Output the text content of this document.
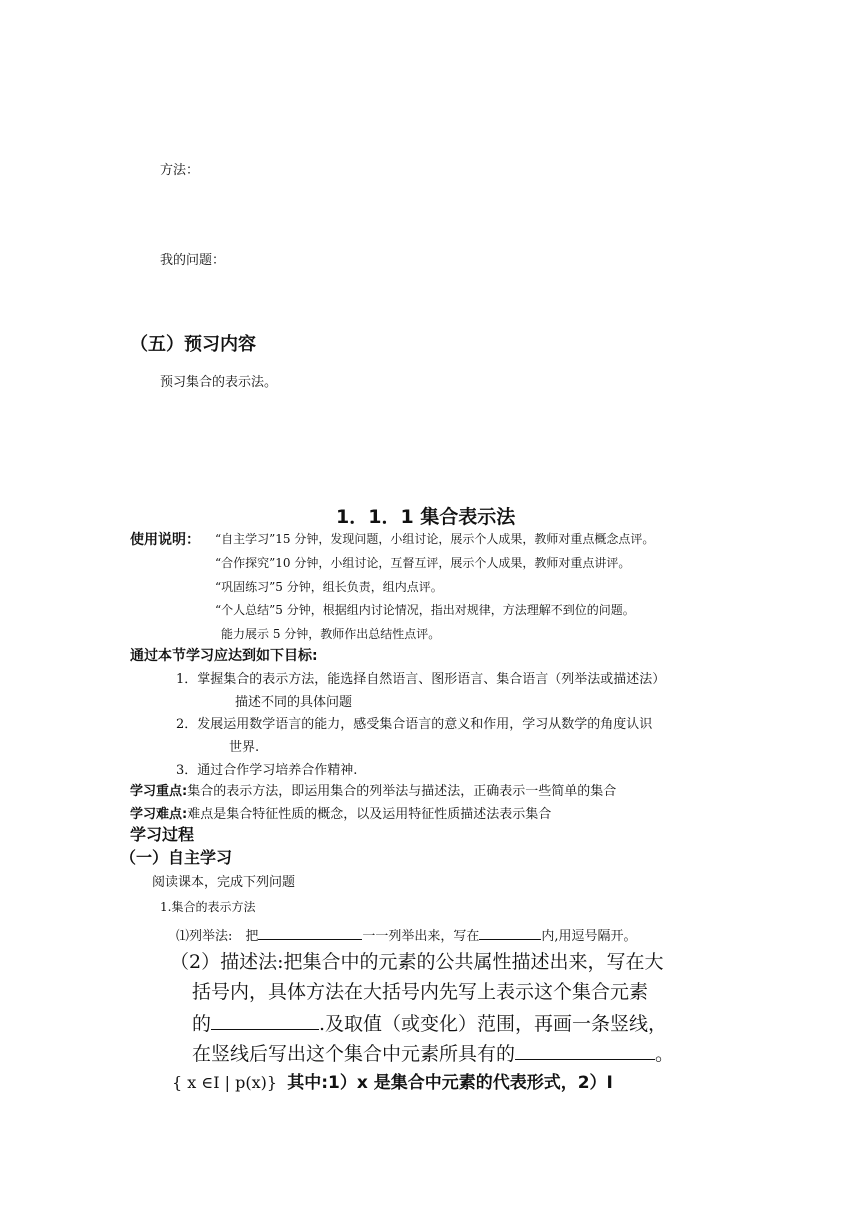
方法：
我的问题：
（五）预习内容
预习集合的表示法。
1．1．1 集合表示法
使用说明： “自主学习”15 分钟，发现问题，小组讨论，展示个人成果，教师对重点概念点评。
“合作探究”10 分钟，小组讨论，互督互评，展示个人成果，教师对重点讲评。
“巩固练习”5 分钟，组长负责，组内点评。
“个人总结”5 分钟，根据组内讨论情况，指出对规律，方法理解不到位的问题。
能力展示 5 分钟，教师作出总结性点评。
通过本节学习应达到如下目标:
1．掌握集合的表示方法，能选择自然语言、图形语言、集合语言（列举法或描述法）
描述不同的具体问题
2．发展运用数学语言的能力，感受集合语言的意义和作用，学习从数学的角度认识
世界.
3．通过合作学习培养合作精神.
学习重点:集合的表示方法，即运用集合的列举法与描述法，正确表示一些简单的集合
学习难点:难点是集合特征性质的概念，以及运用特征性质描述法表示集合
学习过程
（一）自主学习
阅读课本，完成下列问题
1.集合的表示方法
⑴列举法:　把	一一列举出来，写在	内,用逗号隔开。
（2）描述法:把集合中的元素的公共属性描述出来，写在大
括号内，具体方法在大括号内先写上表示这个集合元素
的	.及取值（或变化）范围，再画一条竖线，
在竖线后写出这个集合中元素所具有的	。
{ x ∈I | p(x)} 其中:1）x 是集合中元素的代表形式，2）I
